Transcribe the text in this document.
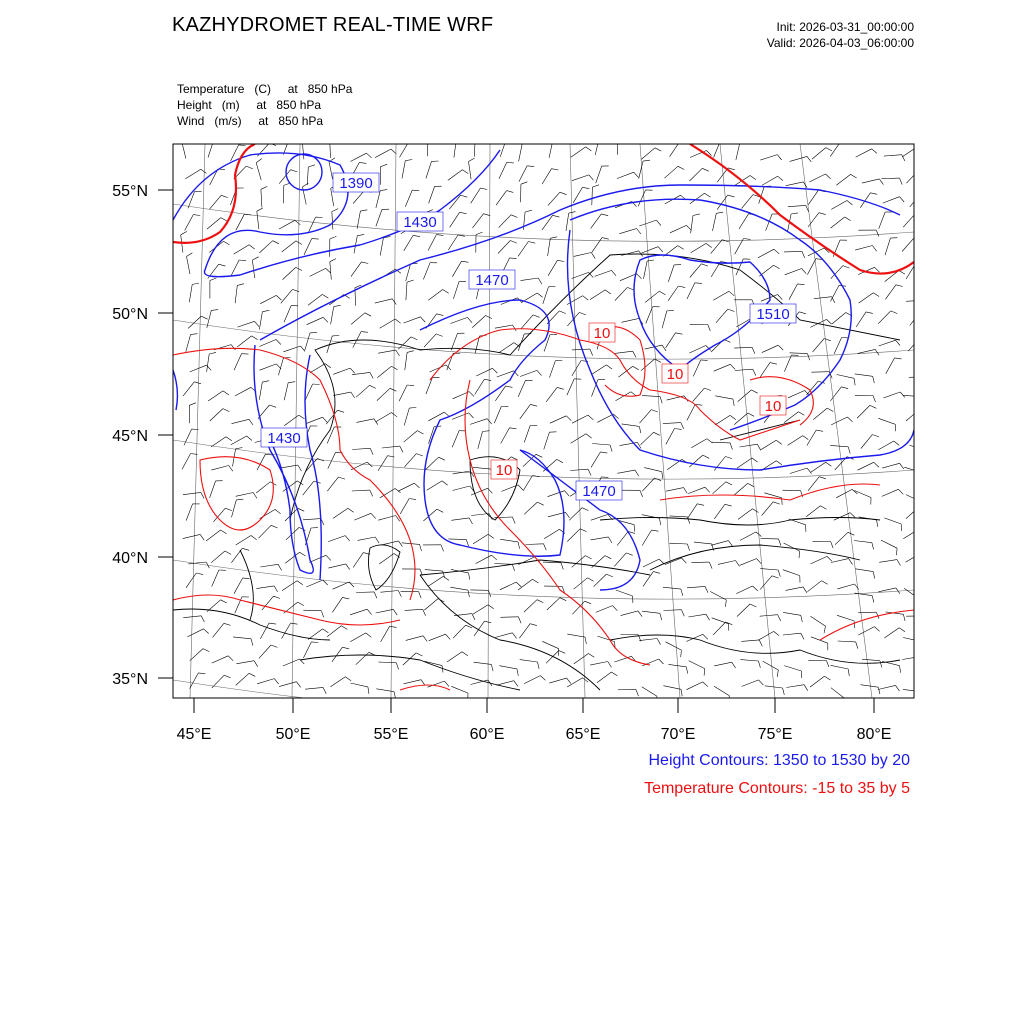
KAZHYDROMET REAL-TIME WRF	Init: 2026-03-31_00:00:00
Valid: 2026-04-03_06:00:00
Temperature   (C)     at   850 hPa
Height   (m)     at   850 hPa
Wind   (m/s)     at   850 hPa
1390
1430
1470
1510
1430
1470
10
10
10
10
55°N
50°N
45°N
40°N
35°N
45°E	50°E	55°E	60°E	65°E	70°E	75°E	80°E
Height Contours: 1350 to 1530 by 20
Temperature Contours: -15 to 35 by 5
